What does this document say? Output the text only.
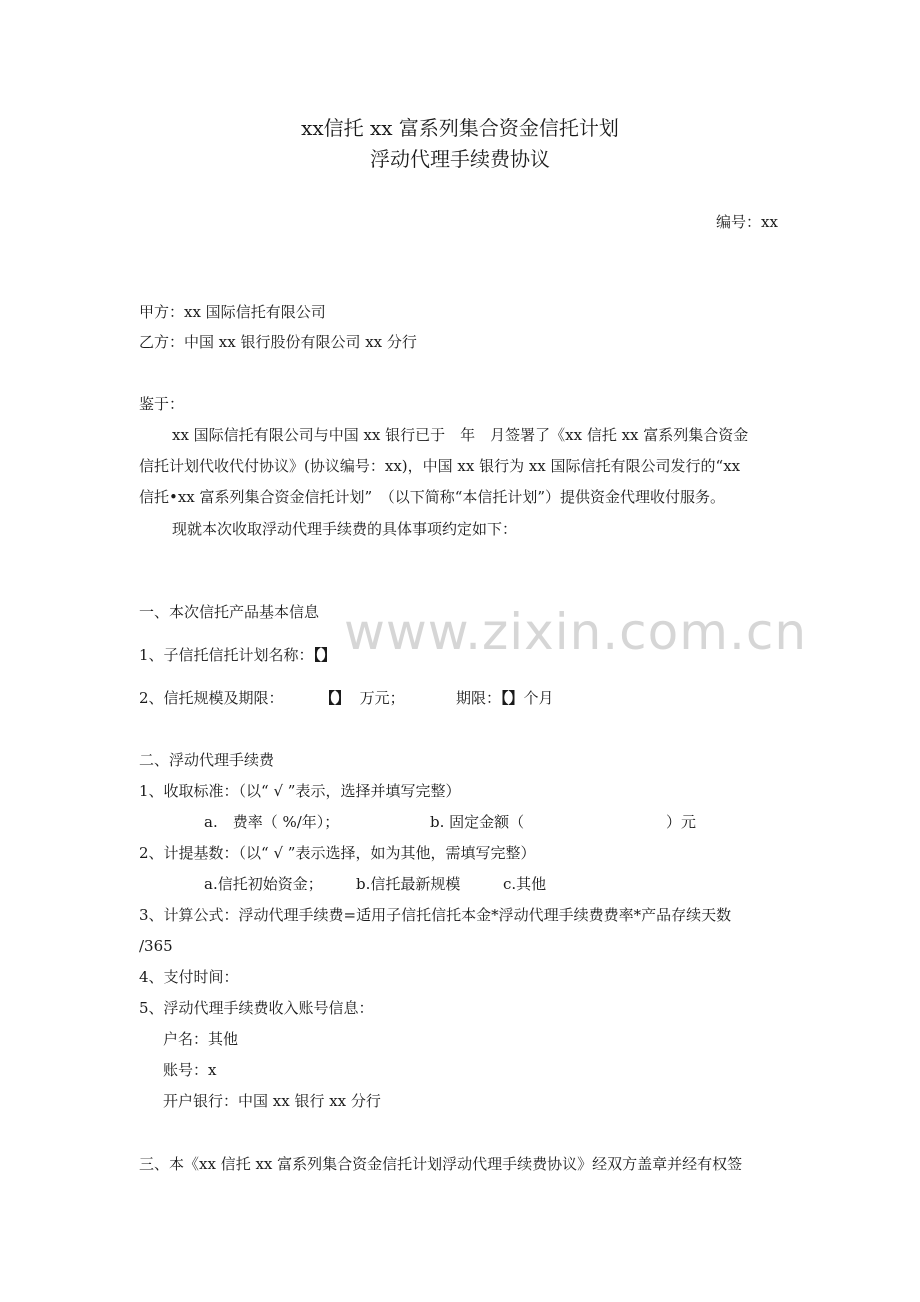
www.zixin.com.cn
xx信托 xx 富系列集合资金信托计划
浮动代理手续费协议
编号：xx
甲方：xx 国际信托有限公司
乙方：中国 xx 银行股份有限公司 xx 分行
鉴于：
xx 国际信托有限公司与中国 xx 银行已于　年　月签署了《xx 信托 xx 富系列集合资金
信托计划代收代付协议》(协议编号：xx)，中国 xx 银行为 xx 国际信托有限公司发行的“xx
信托•xx 富系列集合资金信托计划”　（以下简称“本信托计划”）提供资金代理收付服务。
现就本次收取浮动代理手续费的具体事项约定如下：
一、本次信托产品基本信息
1、子信托信托计划名称：【】
2、信托规模及期限： 【】 万元；	期限：【】个月
二、浮动代理手续费
1、收取标准：（以“ √ ”表示，选择并填写完整）
a.　费率（ %/年）；	b. 固定金额（	）元
2、计提基数：（以“ √ ”表示选择，如为其他，需填写完整）
a.信托初始资金； b.信托最新规模	c.其他
3、计算公式：浮动代理手续费=适用子信托信托本金*浮动代理手续费费率*产品存续天数
/365
4、支付时间：
5、浮动代理手续费收入账号信息：
户名：其他
账号：x
开户银行：中国 xx 银行 xx 分行
三、本《xx 信托 xx 富系列集合资金信托计划浮动代理手续费协议》经双方盖章并经有权签
